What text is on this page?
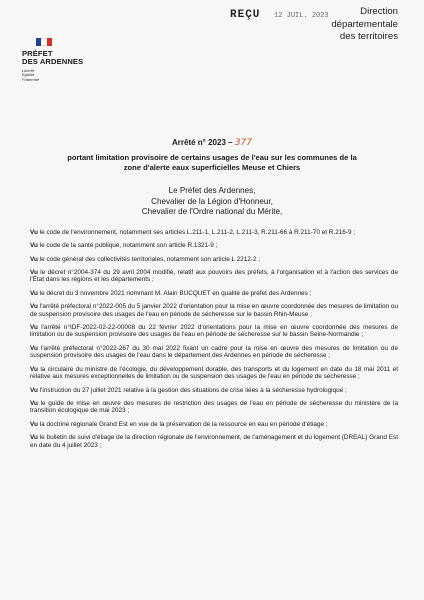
PRÉFET
DES ARDENNES
Liberté
Égalité
Fraternité
REÇU 12 JUIL. 2023	Direction
départementale
des territoires
Arrêté n° 2023 – 377
portant limitation provisoire de certains usages de l'eau sur les communes de la
zone d'alerte eaux superficielles Meuse et Chiers
Le Préfet des Ardennes,
Chevalier de la Légion d'Honneur,
Chevalier de l'Ordre national du Mérite,
Vu le code de l'environnement, notamment ses articles L.211-1, L.211-2, L.211-3, R.211-66 à R.211-70 et R.216-9 ;
Vu le code de la santé publique, notamment son article R.1321-9 ;
Vu le code général des collectivités territoriales, notamment son article L 2212-2 ;
Vu le décret n°2004-374 du 29 avril 2004 modifié, relatif aux pouvoirs des préfets, à l'organisation et à l'action des services de l'État dans les régions et les départements ;
Vu le décret du 3 novembre 2021 nommant M. Alain BUCQUET en qualité de préfet des Ardennes ;
Vu l'arrêté préfectoral n°2022-005 du 5 janvier 2022 d'orientation pour la mise en œuvre coordonnée des mesures de limitation ou de suspension provisoire des usages de l'eau en période de sécheresse sur le bassin Rhin-Meuse ;
Vu l'arrêté n°IDF-2022-02-22-00008 du 22 février 2022 d'orientations pour la mise en œuvre coordonnée des mesures de limitation ou de suspension provisoire des usages de l'eau en période de sécheresse sur le bassin Seine-Normandie ;
Vu l'arrêté préfectoral n°2022-267 du 30 mai 2022 fixant un cadre pour la mise en œuvre des mesures de limitation ou de suspension provisoire des usages de l'eau dans le département des Ardennes en période de sécheresse ;
Vu la circulaire du ministre de l'écologie, du développement durable, des transports et du logement en date du 18 mai 2011 et relative aux mesures exceptionnelles de limitation ou de suspension des usages de l'eau en période de sécheresse ;
Vu l'instruction du 27 juillet 2021 relative à la gestion des situations de crise liées à la sécheresse hydrologique ;
Vu le guide de mise en œuvre des mesures de restriction des usages de l'eau en période de sécheresse du ministère de la transition écologique de mai 2023 ;
Vu la doctrine régionale Grand Est en vue de la préservation de la ressource en eau en période d'étiage ;
Vu le bulletin de suivi d'étiage de la direction régionale de l'environnement, de l'aménagement et du logement (DREAL) Grand Est en date du 4 juillet 2023 ;
